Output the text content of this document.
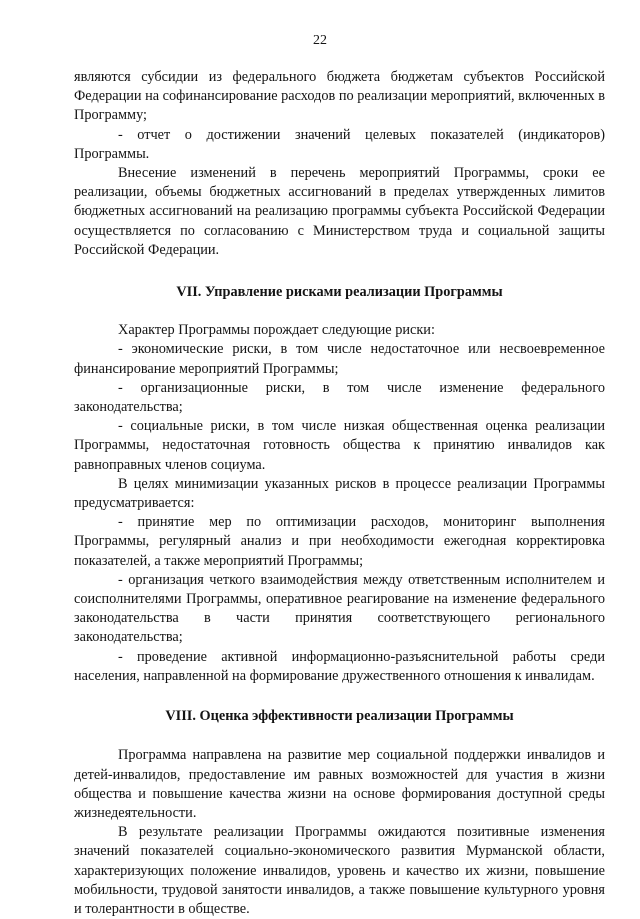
22

являются субсидии из федерального бюджета бюджетам субъектов Российской Федерации на софинансирование расходов по реализации мероприятий, включенных в Программу;

- отчет о достижении значений целевых показателей (индикаторов) Программы.

Внесение изменений в перечень мероприятий Программы, сроки ее реализации, объемы бюджетных ассигнований в пределах утвержденных лимитов бюджетных ассигнований на реализацию программы субъекта Российской Федерации осуществляется по согласованию с Министерством труда и социальной защиты Российской Федерации.

VII. Управление рисками реализации Программы

Характер Программы порождает следующие риски:

- экономические риски, в том числе недостаточное или несвоевременное финансирование мероприятий Программы;

- организационные риски, в том числе изменение федерального законодательства;

- социальные риски, в том числе низкая общественная оценка реализации Программы, недостаточная готовность общества к принятию инвалидов как равноправных членов социума.

В целях минимизации указанных рисков в процессе реализации Программы предусматривается:

- принятие мер по оптимизации расходов, мониторинг выполнения Программы, регулярный анализ и при необходимости ежегодная корректировка показателей, а также мероприятий Программы;

- организация четкого взаимодействия между ответственным исполнителем и соисполнителями Программы, оперативное реагирование на изменение федерального законодательства в части принятия соответствующего регионального законодательства;

- проведение активной информационно-разъяснительной работы среди населения, направленной на формирование дружественного отношения к инвалидам.

VIII. Оценка эффективности реализации Программы

Программа направлена на развитие мер социальной поддержки инвалидов и детей-инвалидов, предоставление им равных возможностей для участия в жизни общества и повышение качества жизни на основе формирования доступной среды жизнедеятельности.

В результате реализации Программы ожидаются позитивные изменения значений показателей социально-экономического развития Мурманской области, характеризующих положение инвалидов, уровень и качество их жизни, повышение мобильности, трудовой занятости инвалидов, а также повышение культурного уровня и толерантности в обществе.
